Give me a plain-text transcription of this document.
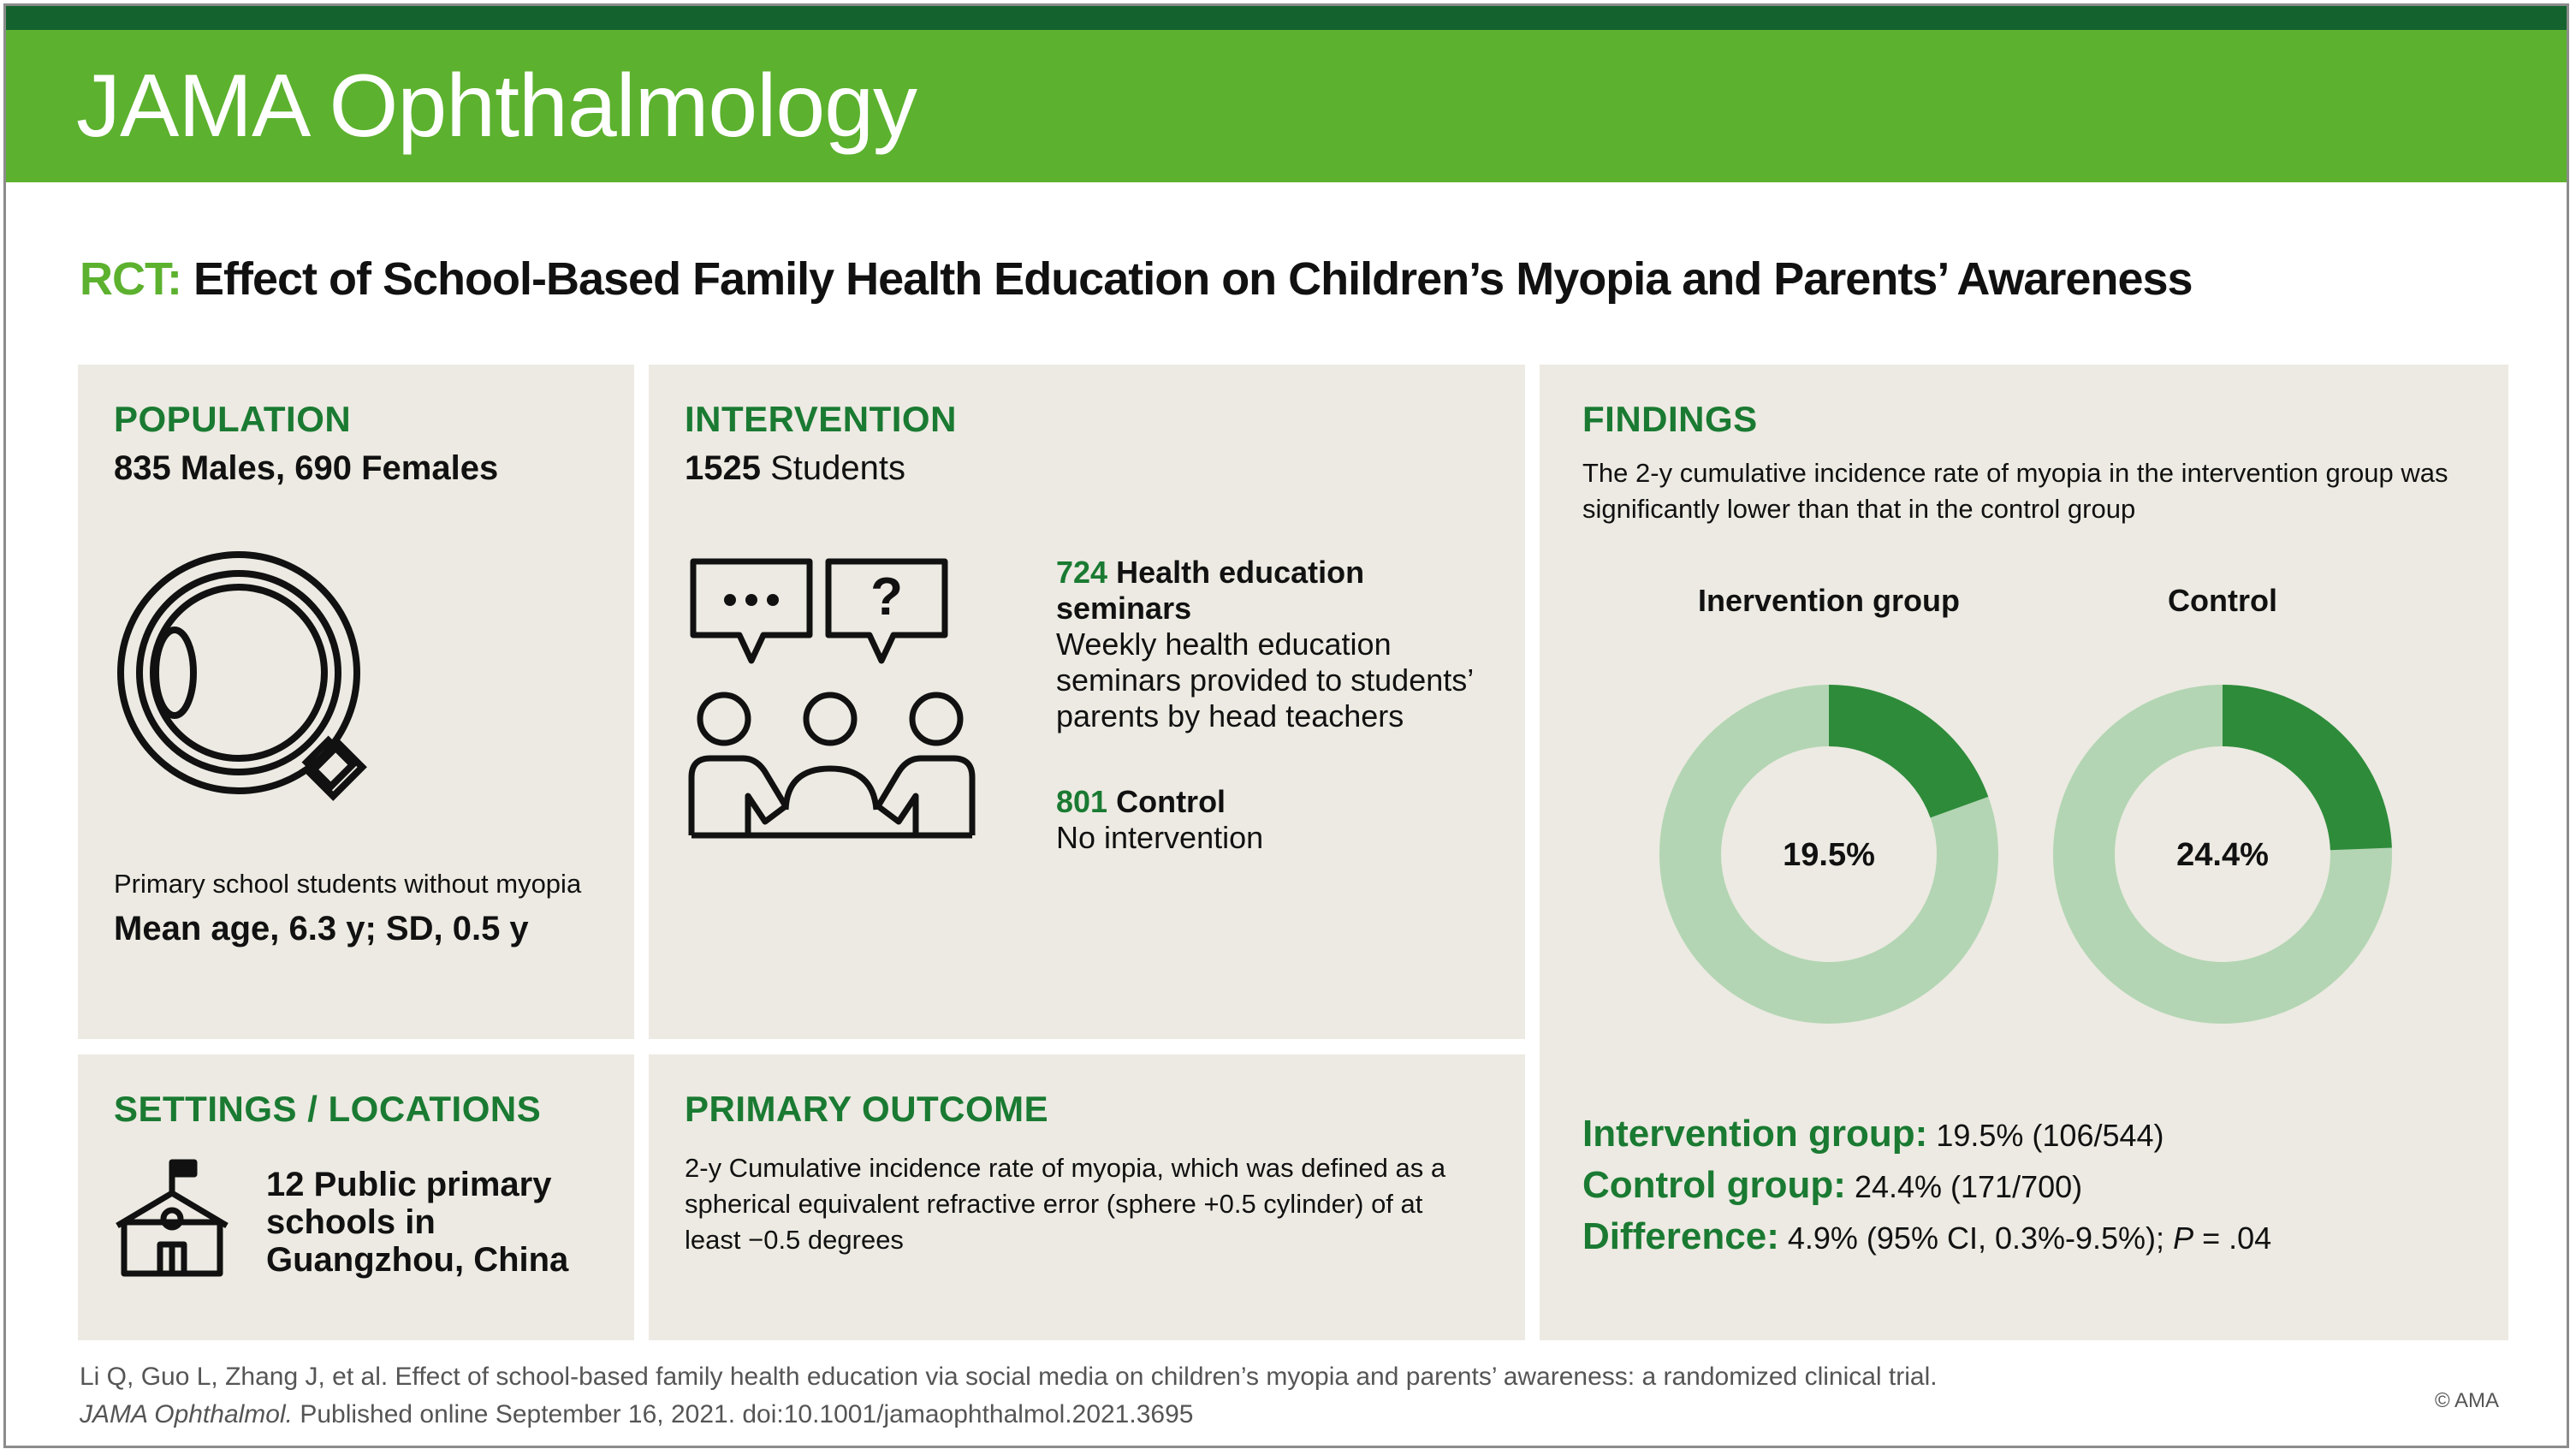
JAMA Ophthalmology
RCT: Effect of School-Based Family Health Education on Children’s Myopia and Parents’ Awareness
POPULATION
835 Males, 690 Females
Primary school students without myopia
Mean age, 6.3 y; SD, 0.5 y
INTERVENTION
1525 Students
?	724 Health education seminars
Weekly health education seminars provided to students’ parents by head teachers
801 Control
No intervention
FINDINGS
The 2-y cumulative incidence rate of myopia in the intervention group was significantly lower than that in the control group
Inervention group
19.5%
Control
24.4%
Intervention group: 19.5% (106/544)
Control group: 24.4% (171/700)
Difference: 4.9% (95% CI, 0.3%-9.5%); P = .04
SETTINGS / LOCATIONS
12 Public primary schools in Guangzhou, China
PRIMARY OUTCOME
2-y Cumulative incidence rate of myopia, which was defined as a spherical equivalent refractive error (sphere +0.5 cylinder) of at least −0.5 degrees
Li Q, Guo L, Zhang J, et al. Effect of school-based family health education via social media on children’s myopia and parents’ awareness: a randomized clinical trial.
JAMA Ophthalmol. Published online September 16, 2021. doi:10.1001/jamaophthalmol.2021.3695	© AMA
